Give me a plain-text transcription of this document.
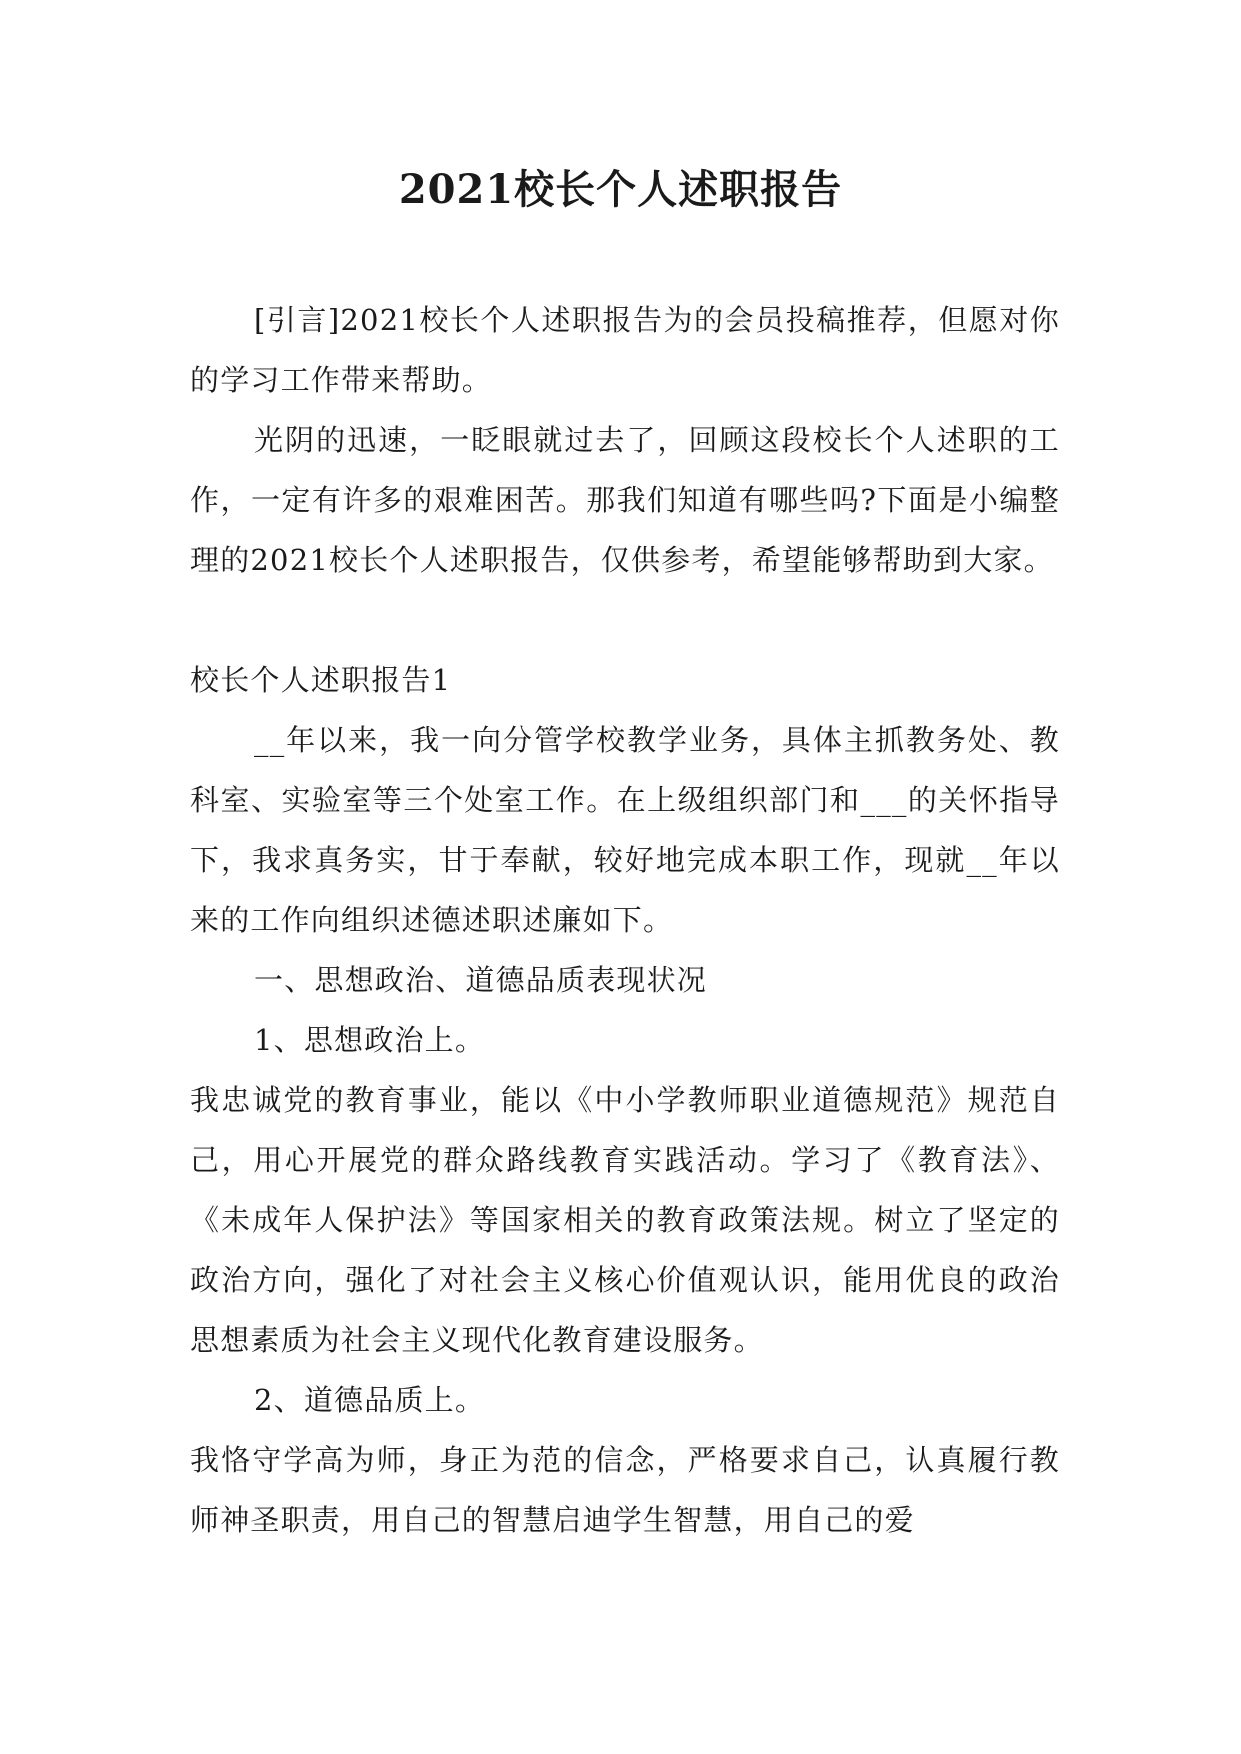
2021校长个人述职报告

[引言]2021校长个人述职报告为的会员投稿推荐，但愿对你的学习工作带来帮助。

光阴的迅速，一眨眼就过去了，回顾这段校长个人述职的工作，一定有许多的艰难困苦。那我们知道有哪些吗?下面是小编整理的2021校长个人述职报告，仅供参考，希望能够帮助到大家。

校长个人述职报告1

__年以来，我一向分管学校教学业务，具体主抓教务处、教科室、实验室等三个处室工作。在上级组织部门和___的关怀指导下，我求真务实，甘于奉献，较好地完成本职工作，现就__年以来的工作向组织述德述职述廉如下。

一、思想政治、道德品质表现状况

1、思想政治上。

我忠诚党的教育事业，能以《中小学教师职业道德规范》规范自己，用心开展党的群众路线教育实践活动。学习了《教育法》、《未成年人保护法》等国家相关的教育政策法规。树立了坚定的政治方向，强化了对社会主义核心价值观认识，能用优良的政治思想素质为社会主义现代化教育建设服务。

2、道德品质上。

我恪守学高为师，身正为范的信念，严格要求自己，认真履行教师神圣职责，用自己的智慧启迪学生智慧，用自己的爱
